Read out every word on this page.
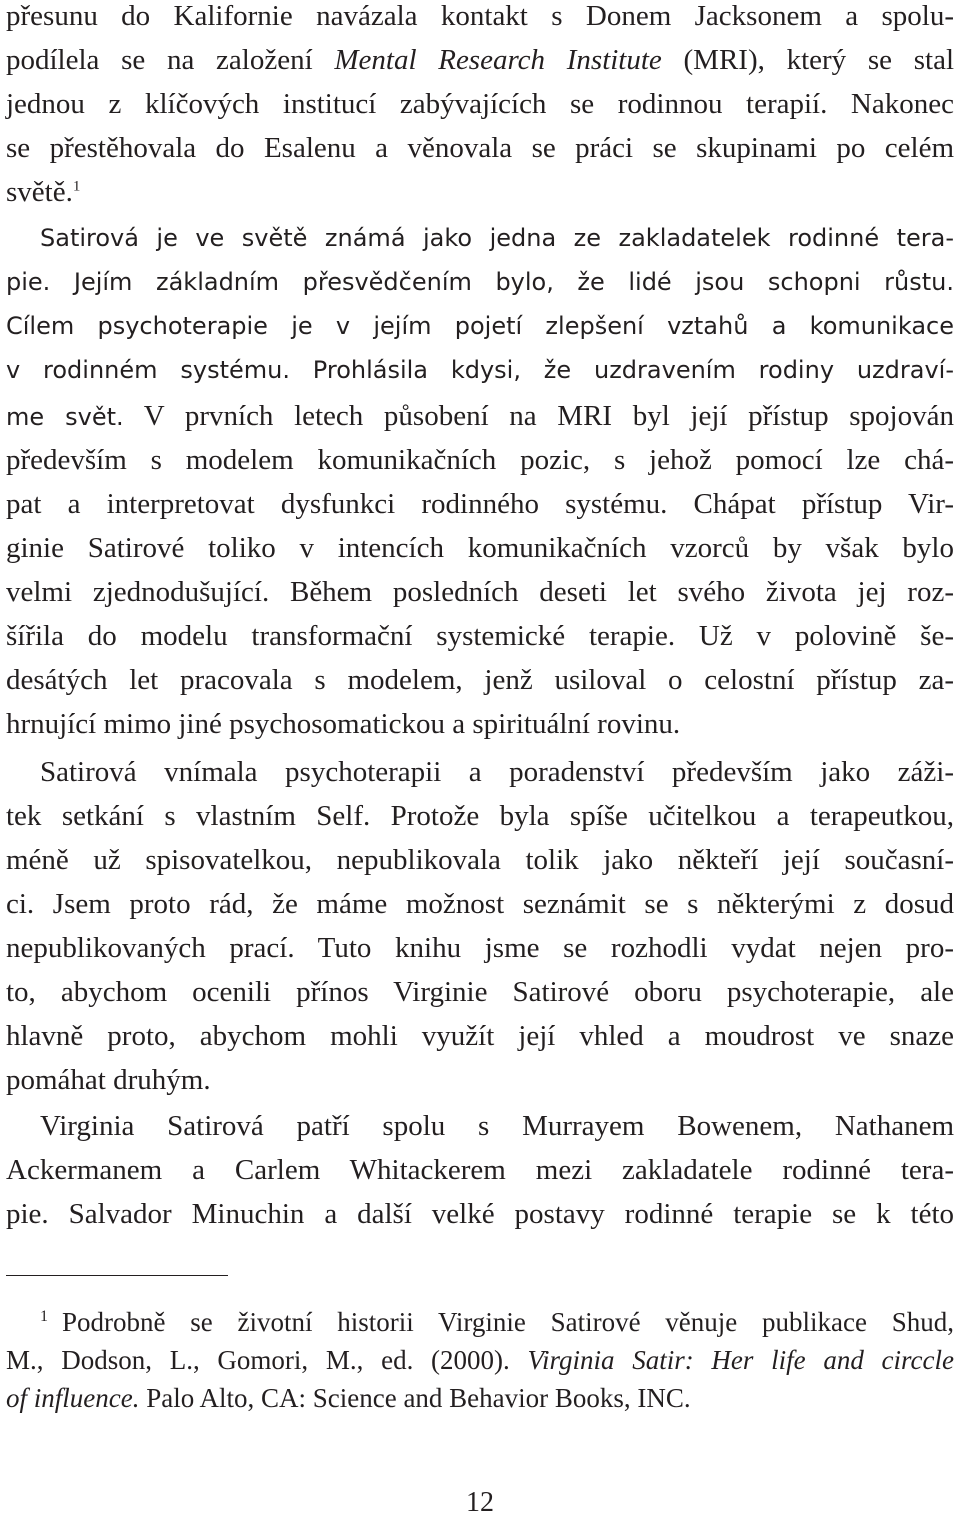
přesunu do Kalifornie navázala kontakt s Donem Jacksonem a spolu-
podílela se na založení Mental Research Institute (MRI), který se stal
jednou z klíčových institucí zabývajících se rodinnou terapií. Nakonec
se přestěhovala do Esalenu a věnovala se práci se skupinami po celém
světě.$^1$
Satirová je ve světě známá jako jedna ze zakladatelek rodinné tera-
pie. Jejím základním přesvědčením bylo, že lidé jsou schopni růstu.
Cílem psychoterapie je v jejím pojetí zlepšení vztahů a komunikace
v rodinném systému. Prohlásila kdysi, že uzdravením rodiny uzdraví-
me svět. V prvních letech působení na MRI byl její přístup spojován
především s modelem komunikačních pozic, s jehož pomocí lze chá-
pat a interpretovat dysfunkci rodinného systému. Chápat přístup Vir-
ginie Satirové toliko v intencích komunikačních vzorců by však bylo
velmi zjednodušující. Během posledních deseti let svého života jej roz-
šířila do modelu transformační systemické terapie. Už v polovině še-
desátých let pracovala s modelem, jenž usiloval o celostní přístup za-
hrnující mimo jiné psychosomatickou a spirituální rovinu.
Satirová vnímala psychoterapii a poradenství především jako záži-
tek setkání s vlastním Self. Protože byla spíše učitelkou a terapeutkou,
méně už spisovatelkou, nepublikovala tolik jako někteří její současní-
ci. Jsem proto rád, že máme možnost seznámit se s některými z dosud
nepublikovaných prací. Tuto knihu jsme se rozhodli vydat nejen pro-
to, abychom ocenili přínos Virginie Satirové oboru psychoterapie, ale
hlavně proto, abychom mohli využít její vhled a moudrost ve snaze
pomáhat druhým.
Virginia Satirová patří spolu s Murrayem Bowenem, Nathanem
Ackermanem a Carlem Whitackerem mezi zakladatele rodinné tera-
pie. Salvador Minuchin a další velké postavy rodinné terapie se k této
$^1$ Podrobně se životní historii Virginie Satirové věnuje publikace Shud,
M., Dodson, L., Gomori, M., ed. (2000). Virginia Satir: Her life and circcle
of influence. Palo Alto, CA: Science and Behavior Books, INC.
12
